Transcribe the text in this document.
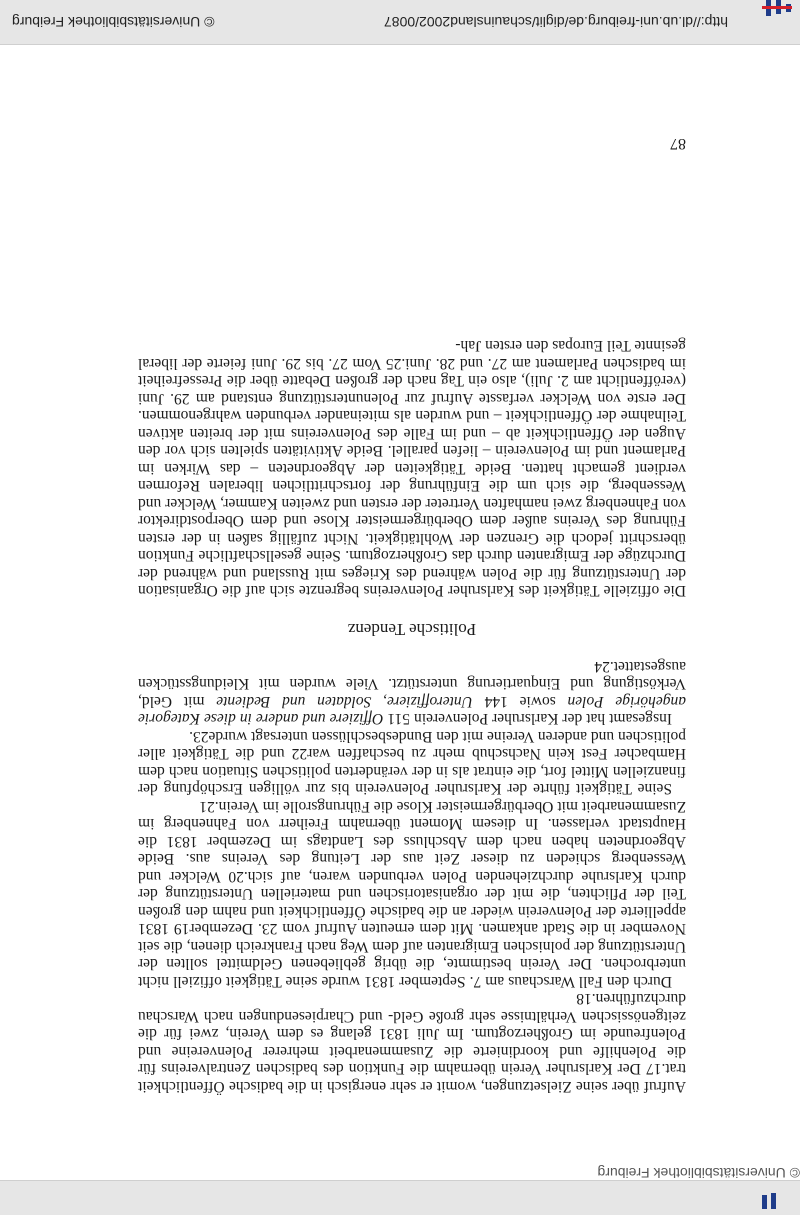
http://dl.ub.uni-freiburg.de/diglit/schauinsland2002/0087
© Universitätsbibliothek Freiburg

Aufruf über seine Zielsetzungen, womit er sehr energisch in die badische Öffentlichkeit trat.17 Der Karlsruher Verein übernahm die Funktion des badischen Zentralvereins für die Polenhilfe und koordinierte die Zusammenarbeit mehrerer Polenvereine und Polenfreunde im Großherzogtum. Im Juli 1831 gelang es dem Verein, zwei für die zeitgenössischen Verhältnisse sehr große Geld- und Charpiesendungen nach Warschau durchzuführen.18

Durch den Fall Warschaus am 7. September 1831 wurde seine Tätigkeit offiziell nicht unterbrochen. Der Verein bestimmte, die übrig gebliebenen Geldmittel sollten der Unterstützung der polnischen Emigranten auf dem Weg nach Frankreich dienen, die seit November in die Stadt ankamen. Mit dem erneuten Aufruf vom 23. Dezember19 1831 appellierte der Polenverein wieder an die badische Öffentlichkeit und nahm den großen Teil der Pflichten, die mit der organisatorischen und materiellen Unterstützung der durch Karlsruhe durchziehenden Polen verbunden waren, auf sich.20 Welcker und Wessenberg schieden zu dieser Zeit aus der Leitung des Vereins aus. Beide Abgeordneten haben nach dem Abschluss des Landtags im Dezember 1831 die Hauptstadt verlassen. In diesem Moment übernahm Freiherr von Fahnenberg im Zusammenarbeit mit Oberbürgermeister Klose die Führungsrolle im Verein.21

Seine Tätigkeit führte der Karlsruher Polenverein bis zur völligen Erschöpfung der finanziellen Mittel fort, die eintrat als in der veränderten politischen Situation nach dem Hambacher Fest kein Nachschub mehr zu beschaffen war22 und die Tätigkeit aller politischen und anderen Vereine mit den Bundesbeschlüssen untersagt wurde23.

Insgesamt hat der Karlsruher Polenverein 511 Offiziere und andere in diese Kategorie angehörige Polen sowie 144 Unteroffiziere, Soldaten und Bediente mit Geld, Verköstigung und Einquartierung unterstützt. Viele wurden mit Kleidungsstücken ausgestattet.24

Politische Tendenz

Die offizielle Tätigkeit des Karlsruher Polenvereins begrenzte sich auf die Organisation der Unterstützung für die Polen während des Krieges mit Russland und während der Durchzüge der Emigranten durch das Großherzogtum. Seine gesellschaftliche Funktion überschritt jedoch die Grenzen der Wohltätigkeit. Nicht zufällig saßen in der ersten Führung des Vereins außer dem Oberbürgermeister Klose und dem Oberpostdirektor von Fahnenberg zwei namhaften Vertreter der ersten und zweiten Kammer, Welcker und Wessenberg, die sich um die Einführung der fortschrittlichen liberalen Reformen verdient gemacht hatten. Beide Tätigkeiten der Abgeordneten – das Wirken im Parlament und im Polenverein – liefen parallel. Beide Aktivitäten spielten sich vor den Augen der Öffentlichkeit ab – und im Falle des Polenvereins mit der breiten aktiven Teilnahme der Öffentlichkeit – und wurden als miteinander verbunden wahrgenommen. Der erste von Welcker verfasste Aufruf zur Polenunterstützung entstand am 29. Juni (veröffentlicht am 2. Juli), also ein Tag nach der großen Debatte über die Pressefreiheit im badischen Parlament am 27. und 28. Juni.25 Vom 27. bis 29. Juni feierte der liberal gesinnte Teil Europas den ersten Jah-

87
© Universitätsbibliothek Freiburg
